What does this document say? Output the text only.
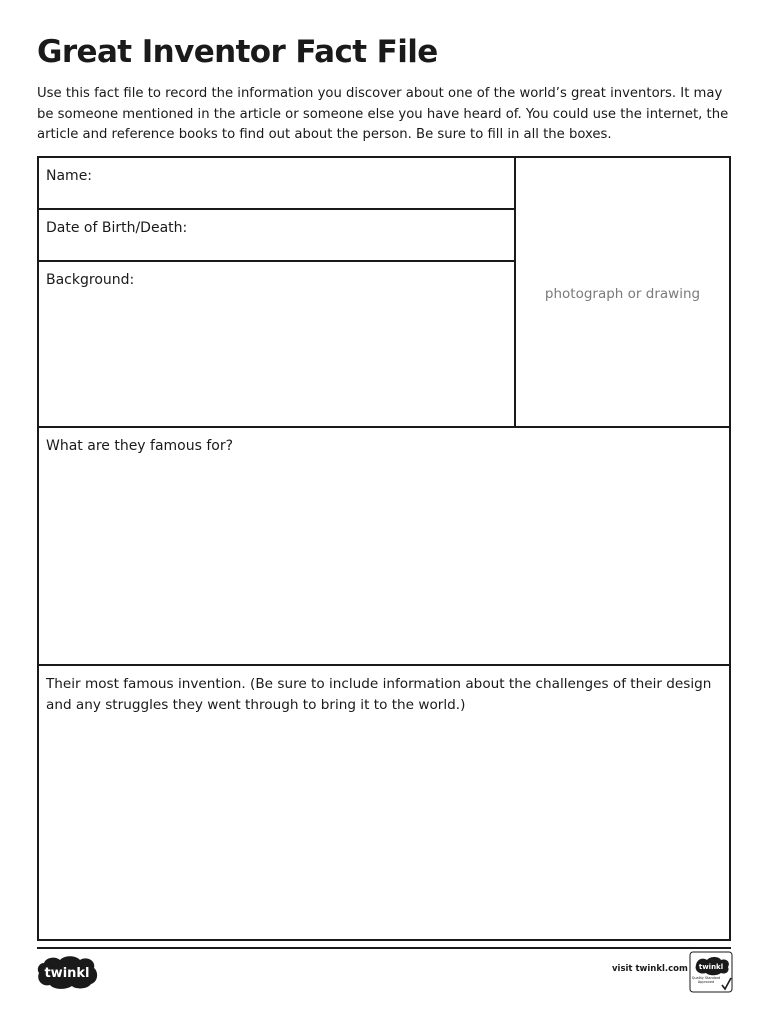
Great Inventor Fact File

Use this fact file to record the information you discover about one of the world’s great inventors. It may be someone mentioned in the article or someone else you have heard of. You could use the internet, the article and reference books to find out about the person. Be sure to fill in all the boxes.

Name:
Date of Birth/Death:
Background:
photograph or drawing
What are they famous for?
Their most famous invention. (Be sure to include information about the challenges of their design and any struggles they went through to bring it to the world.)
twinkl	visit twinkl.com twinkl
Quality Standard Approved
